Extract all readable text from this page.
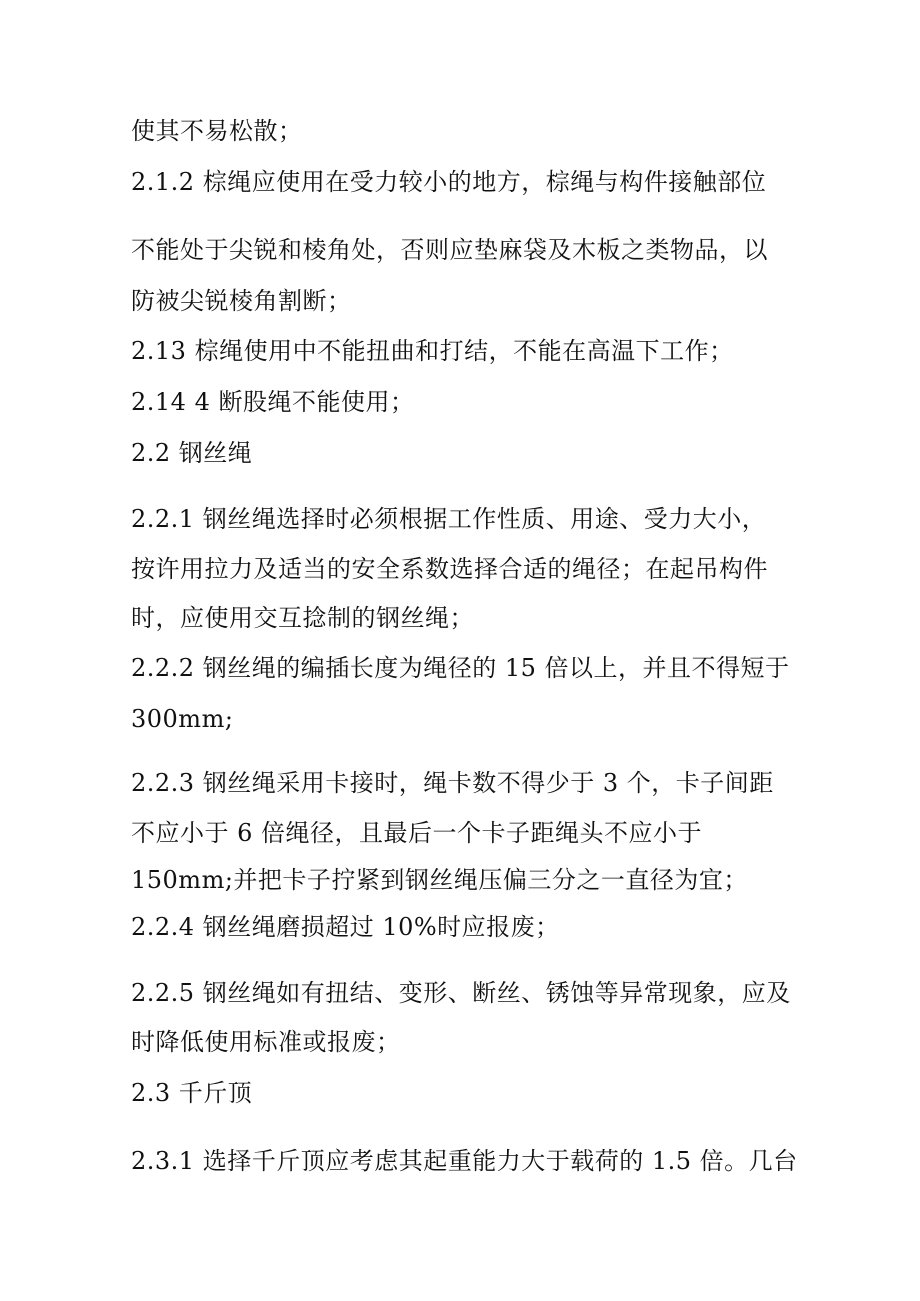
使其不易松散；
2.1.2 棕绳应使用在受力较小的地方，棕绳与构件接触部位
不能处于尖锐和棱角处，否则应垫麻袋及木板之类物品，以
防被尖锐棱角割断；
2.13 棕绳使用中不能扭曲和打结，不能在高温下工作；
2.14 4 断股绳不能使用；
2.2 钢丝绳
2.2.1 钢丝绳选择时必须根据工作性质、用途、受力大小，
按许用拉力及适当的安全系数选择合适的绳径；在起吊构件
时，应使用交互捻制的钢丝绳；
2.2.2 钢丝绳的编插长度为绳径的 15 倍以上，并且不得短于
300mm;
2.2.3 钢丝绳采用卡接时，绳卡数不得少于 3 个，卡子间距
不应小于 6 倍绳径，且最后一个卡子距绳头不应小于
150mm;并把卡子拧紧到钢丝绳压偏三分之一直径为宜；
2.2.4 钢丝绳磨损超过 10%时应报废；
2.2.5 钢丝绳如有扭结、变形、断丝、锈蚀等异常现象，应及
时降低使用标准或报废；
2.3 千斤顶
2.3.1 选择千斤顶应考虑其起重能力大于载荷的 1.5 倍。几台
